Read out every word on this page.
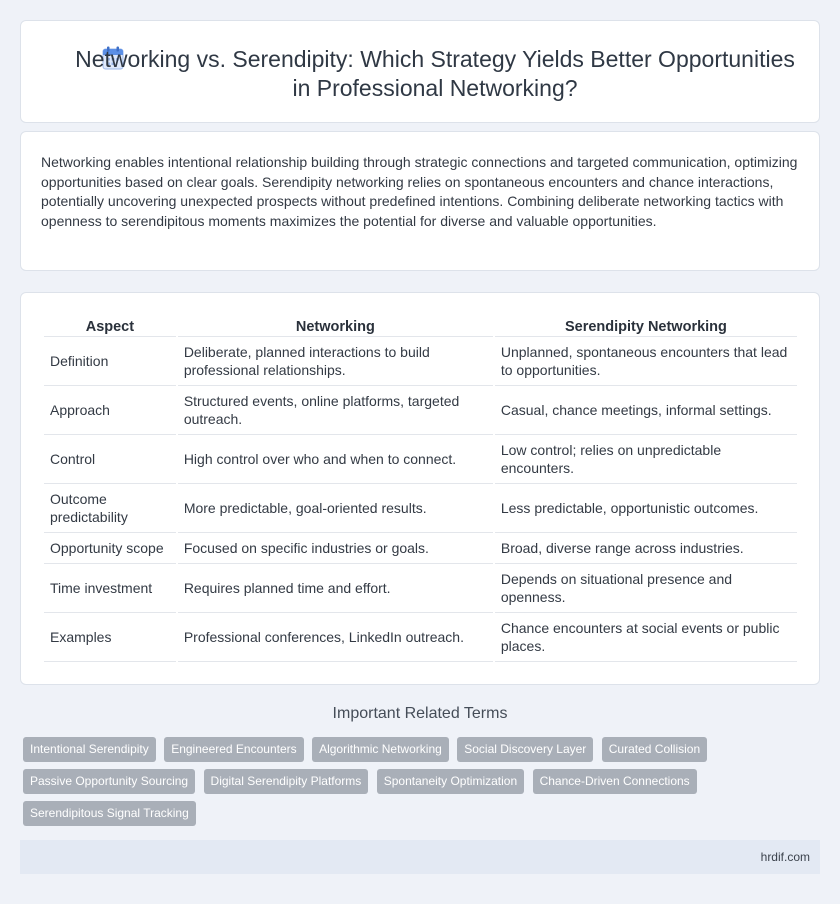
Networking vs. Serendipity: Which Strategy Yields Better Opportunities in Professional Networking?

Networking enables intentional relationship building through strategic connections and targeted communication, optimizing opportunities based on clear goals. Serendipity networking relies on spontaneous encounters and chance interactions, potentially uncovering unexpected prospects without predefined intentions. Combining deliberate networking tactics with openness to serendipitous moments maximizes the potential for diverse and valuable opportunities.

Aspect	Networking	Serendipity Networking
Definition	Deliberate, planned interactions to build professional relationships.	Unplanned, spontaneous encounters that lead to opportunities.
Approach	Structured events, online platforms, targeted outreach.	Casual, chance meetings, informal settings.
Control	High control over who and when to connect.	Low control; relies on unpredictable encounters.
Outcome predictability	More predictable, goal-oriented results.	Less predictable, opportunistic outcomes.
Opportunity scope	Focused on specific industries or goals.	Broad, diverse range across industries.
Time investment	Requires planned time and effort.	Depends on situational presence and openness.
Examples	Professional conferences, LinkedIn outreach.	Chance encounters at social events or public places.
Important Related Terms
Intentional Serendipity Engineered Encounters Algorithmic Networking Social Discovery Layer Curated Collision Passive Opportunity Sourcing Digital Serendipity Platforms Spontaneity Optimization Chance-Driven Connections Serendipitous Signal Tracking
hrdif.com
